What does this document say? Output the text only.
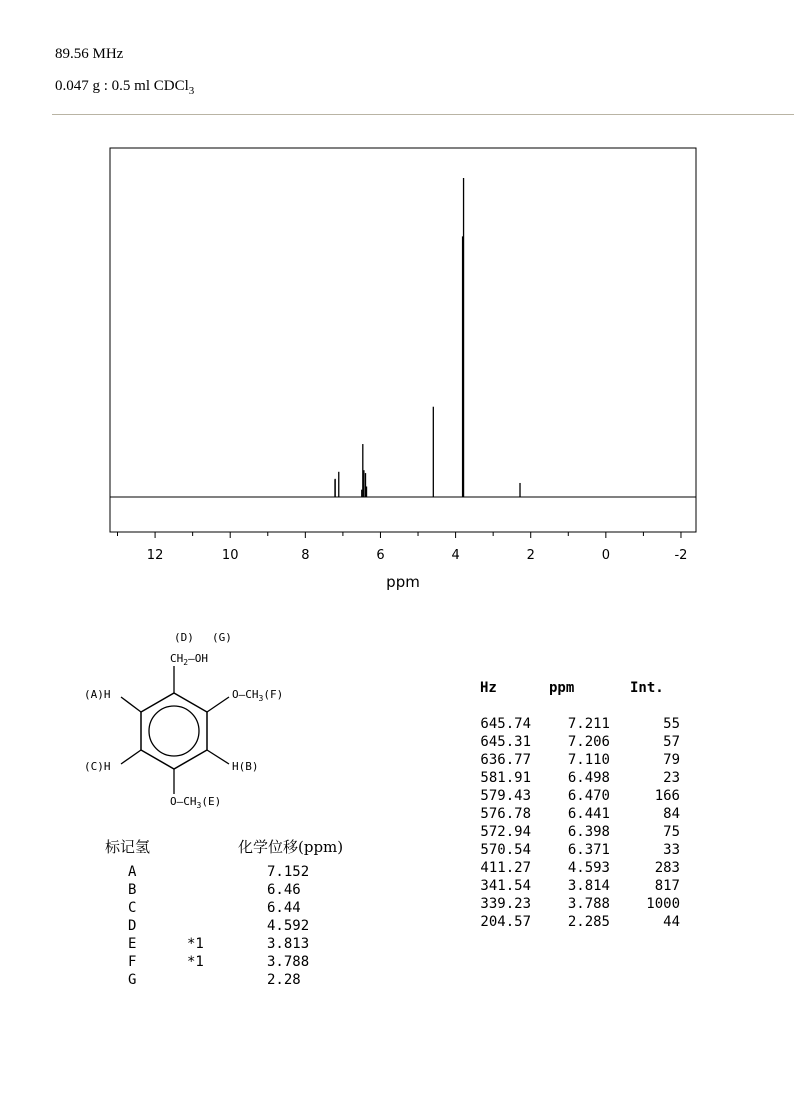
89.56 MHz
0.047 g : 0.5 ml CDCl$_3$
12	10	8	6	4	2	0	-2
ppm
(D) (G)
$CH_2—OH$
(A)H
(C)H
$O—CH_3(F)$
H(B)
$O—CH_3(E)$
Hz	ppm	Int.
645.74	7.211	55
645.31	7.206	57
636.77	7.110	79
581.91	6.498	23
579.43	6.470	166
576.78	6.441	84
572.94	6.398	75
570.54	6.371	33
411.27	4.593	283
341.54	3.814	817
339.23	3.788	1000
204.57	2.285	44
标记氢	化学位移(ppm)
A	7.152
B	6.46
C	6.44
D	4.592
E	*1	3.813
F	*1	3.788
G	2.28
